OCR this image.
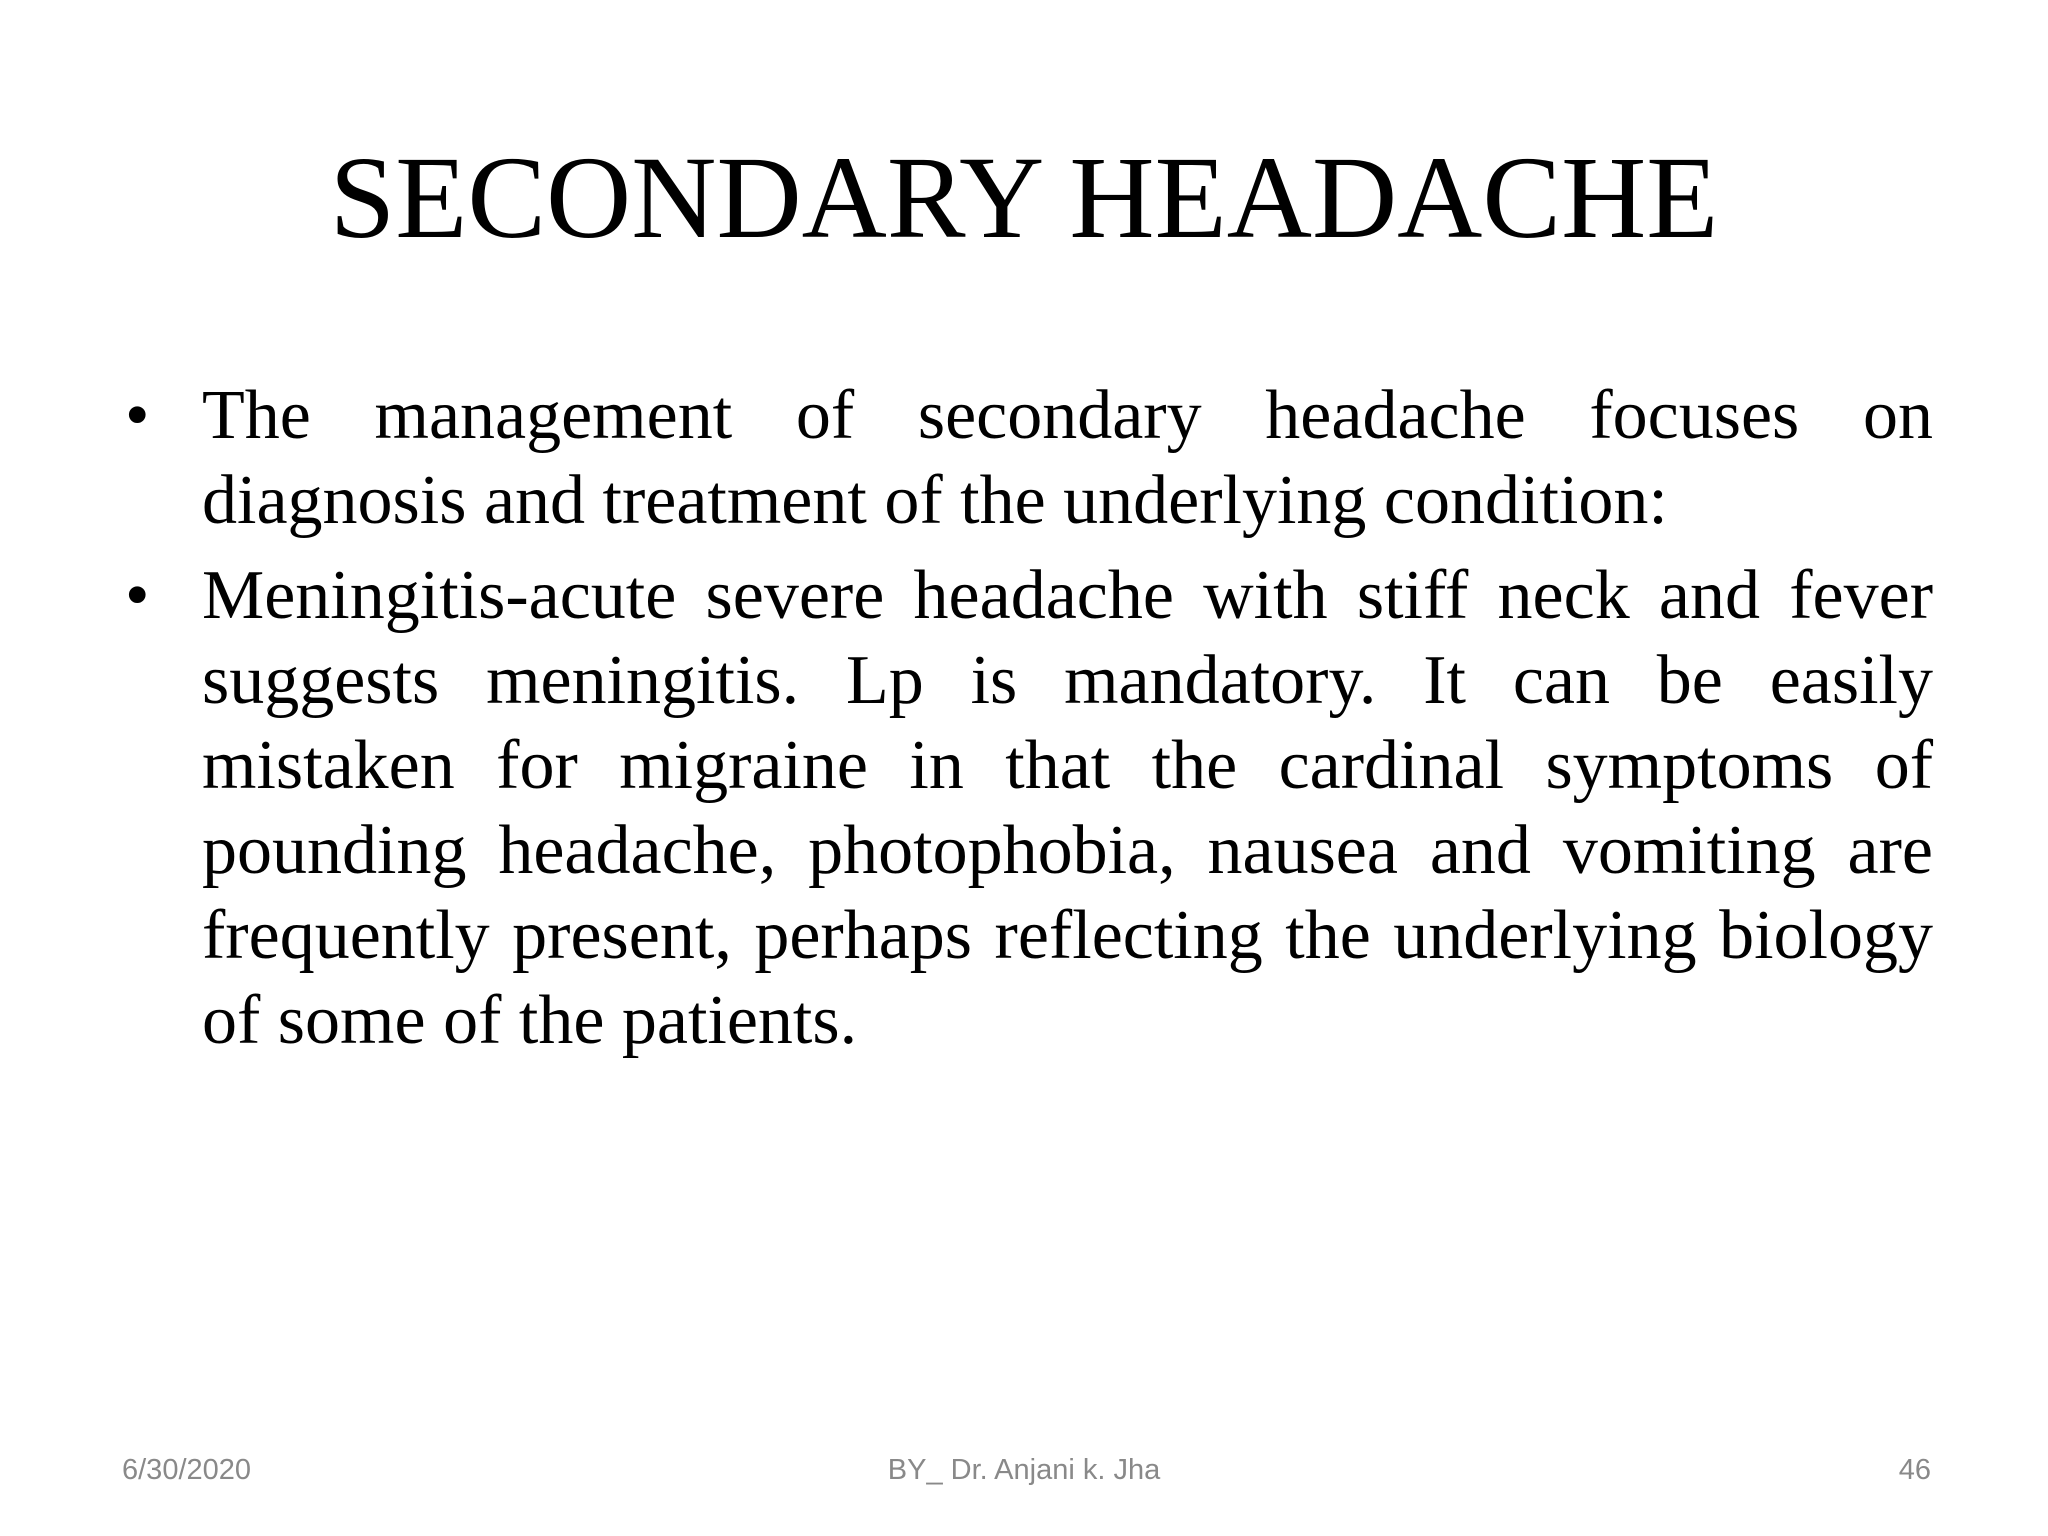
SECONDARY HEADACHE
• The management of secondary headache focuses on diagnosis and treatment of the underlying condition:
• Meningitis-acute severe headache with stiff neck and fever suggests meningitis. Lp is mandatory. It can be easily mistaken for migraine in that the cardinal symptoms of pounding headache, photophobia, nausea and vomiting are frequently present, perhaps reflecting the underlying biology of some of the patients.
6/30/2020	BY_ Dr. Anjani k. Jha	46
